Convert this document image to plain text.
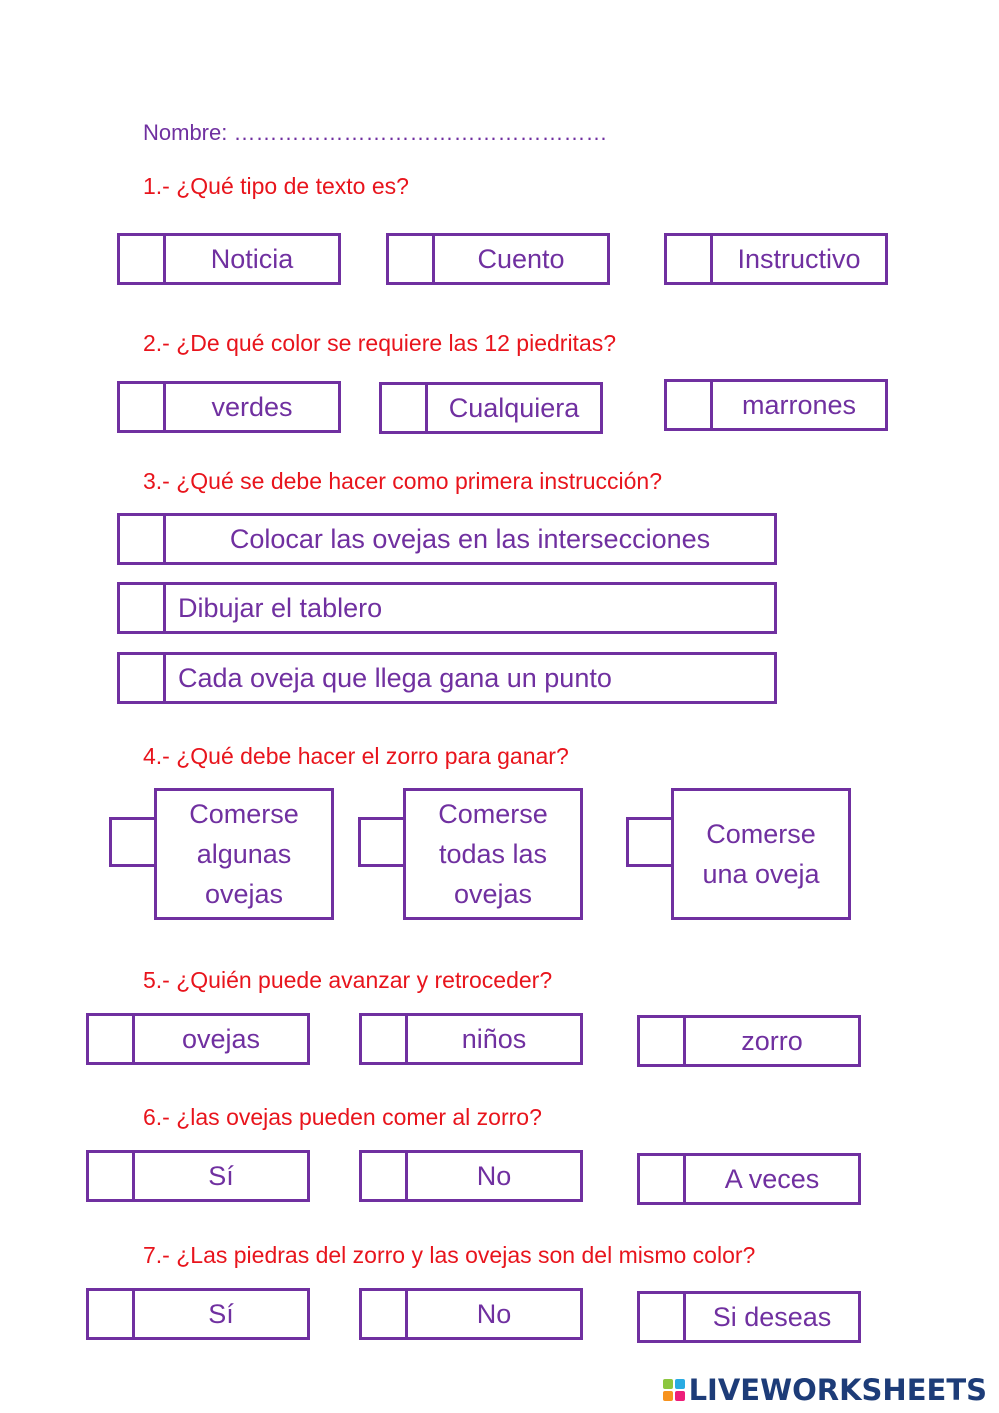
Nombre: ……………………………………………
1.- ¿Qué tipo de texto es?
Noticia	Cuento	Instructivo
2.- ¿De qué color se requiere las 12 piedritas?
verdes	Cualquiera	marrones
3.- ¿Qué se debe hacer como primera instrucción?
Colocar las ovejas en las intersecciones
Dibujar el tablero
Cada oveja que llega gana un punto
4.- ¿Qué debe hacer el zorro para ganar?
Comerse algunas ovejas
Comerse todas las ovejas
Comerse una oveja
5.- ¿Quién puede avanzar y retroceder?
ovejas	niños	zorro
6.- ¿las ovejas pueden comer al zorro?
Sí	No	A veces
7.- ¿Las piedras del zorro y las ovejas son del mismo color?
Sí	No	Si deseas
LIVEWORKSHEETS
